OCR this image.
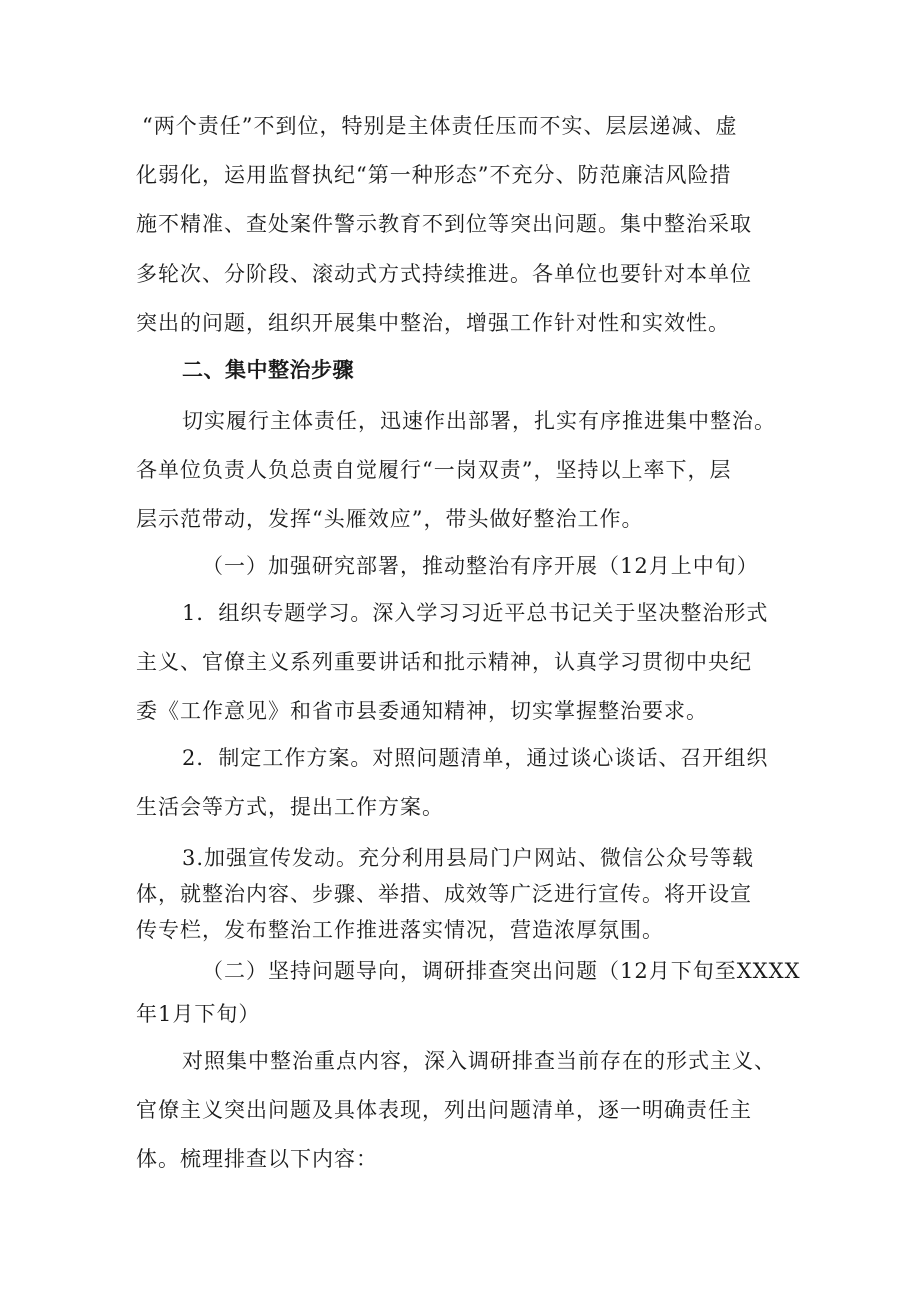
“两个责任”不到位，特别是主体责任压而不实、层层递减、虚
化弱化，运用监督执纪“第一种形态”不充分、防范廉洁风险措
施不精准、查处案件警示教育不到位等突出问题。集中整治采取
多轮次、分阶段、滚动式方式持续推进。各单位也要针对本单位
突出的问题，组织开展集中整治，增强工作针对性和实效性。
二、集中整治步骤
切实履行主体责任，迅速作出部署，扎实有序推进集中整治。
各单位负责人负总责自觉履行“一岗双责”，坚持以上率下，层
层示范带动，发挥“头雁效应”，带头做好整治工作。
（一）加强研究部署，推动整治有序开展（12月上中旬）
1．组织专题学习。深入学习习近平总书记关于坚决整治形式
主义、官僚主义系列重要讲话和批示精神，认真学习贯彻中央纪
委《工作意见》和省市县委通知精神，切实掌握整治要求。
2．制定工作方案。对照问题清单，通过谈心谈话、召开组织
生活会等方式，提出工作方案。
3.加强宣传发动。充分利用县局门户网站、微信公众号等载
体，就整治内容、步骤、举措、成效等广泛进行宣传。将开设宣
传专栏，发布整治工作推进落实情况，营造浓厚氛围。
（二）坚持问题导向，调研排查突出问题（12月下旬至XXXX
年1月下旬）
对照集中整治重点内容，深入调研排查当前存在的形式主义、
官僚主义突出问题及具体表现，列出问题清单，逐一明确责任主
体。梳理排查以下内容：
